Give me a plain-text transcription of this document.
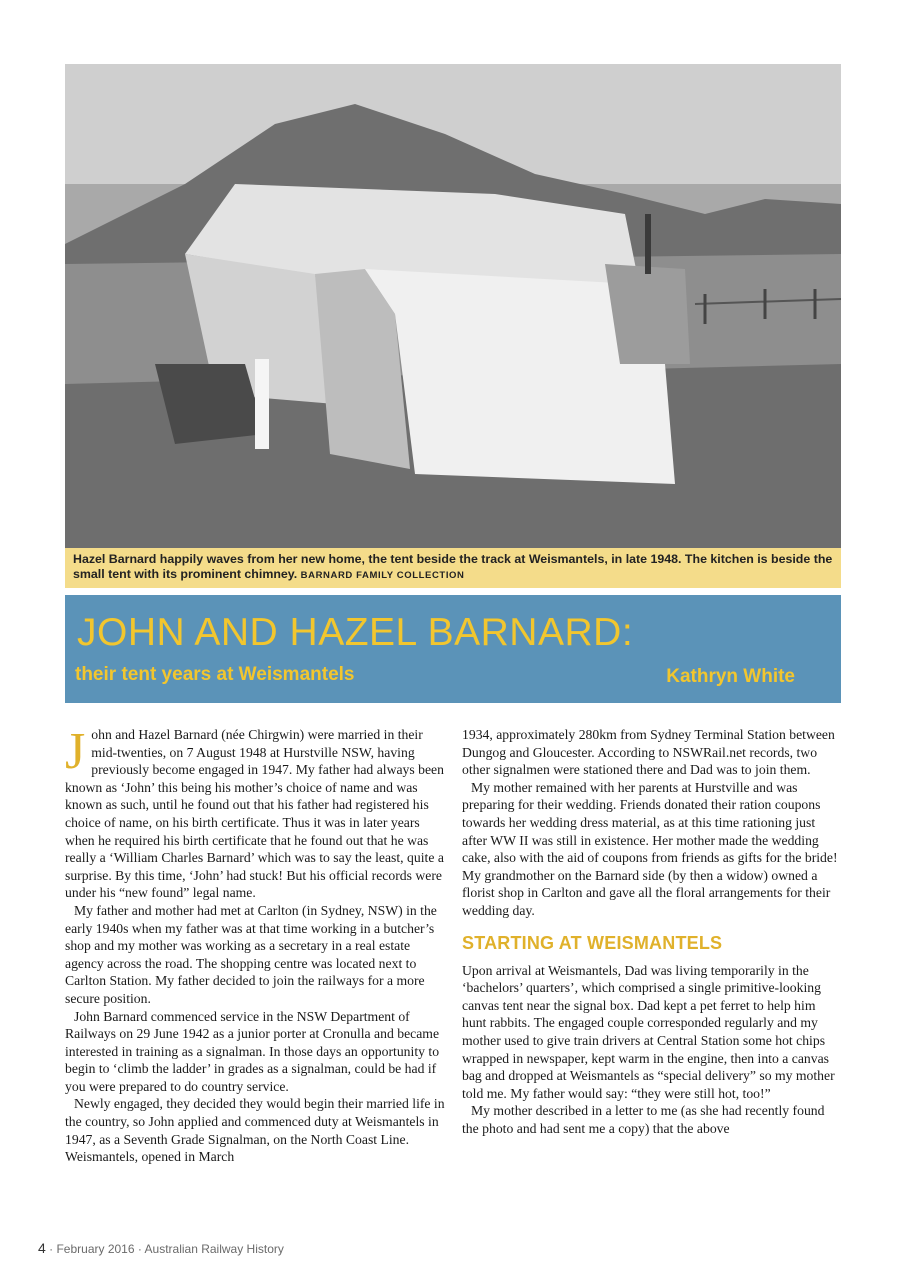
Hazel Barnard happily waves from her new home, the tent beside the track at Weismantels, in late 1948. The kitchen is beside the small tent with its prominent chimney. BARNARD FAMILY COLLECTION
JOHN AND HAZEL BARNARD:
their tent years at Weismantels	Kathryn White

John and Hazel Barnard (née Chirgwin) were married in their mid-twenties, on 7 August 1948 at Hurstville NSW, having previously become engaged in 1947. My father had always been known as ‘John’ this being his mother’s choice of name and was known as such, until he found out that his father had registered his choice of name, on his birth certificate. Thus it was in later years when he required his birth certificate that he found out that he was really a ‘William Charles Barnard’ which was to say the least, quite a surprise. By this time, ‘John’ had stuck! But his official records were under his “new found” legal name.

My father and mother had met at Carlton (in Sydney, NSW) in the early 1940s when my father was at that time working in a butcher’s shop and my mother was working as a secretary in a real estate agency across the road. The shopping centre was located next to Carlton Station. My father decided to join the railways for a more secure position.

John Barnard commenced service in the NSW Department of Railways on 29 June 1942 as a junior porter at Cronulla and became interested in training as a signalman. In those days an opportunity to begin to ‘climb the ladder’ in grades as a signalman, could be had if you were prepared to do country service.

Newly engaged, they decided they would begin their married life in the country, so John applied and commenced duty at Weismantels in 1947, as a Seventh Grade Signalman, on the North Coast Line. Weismantels, opened in March

1934, approximately 280km from Sydney Terminal Station between Dungog and Gloucester. According to NSWRail.net records, two other signalmen were stationed there and Dad was to join them.

My mother remained with her parents at Hurstville and was preparing for their wedding. Friends donated their ration coupons towards her wedding dress material, as at this time rationing just after WW II was still in existence. Her mother made the wedding cake, also with the aid of coupons from friends as gifts for the bride! My grandmother on the Barnard side (by then a widow) owned a florist shop in Carlton and gave all the floral arrangements for their wedding day.

STARTING AT WEISMANTELS

Upon arrival at Weismantels, Dad was living temporarily in the ‘bachelors’ quarters’, which comprised a single primitive-looking canvas tent near the signal box. Dad kept a pet ferret to help him hunt rabbits. The engaged couple corresponded regularly and my mother used to give train drivers at Central Station some hot chips wrapped in newspaper, kept warm in the engine, then into a canvas bag and dropped at Weismantels as “special delivery” so my mother told me. My father would say: “they were still hot, too!”

My mother described in a letter to me (as she had recently found the photo and had sent me a copy) that the above

4 · February 2016 · Australian Railway History
